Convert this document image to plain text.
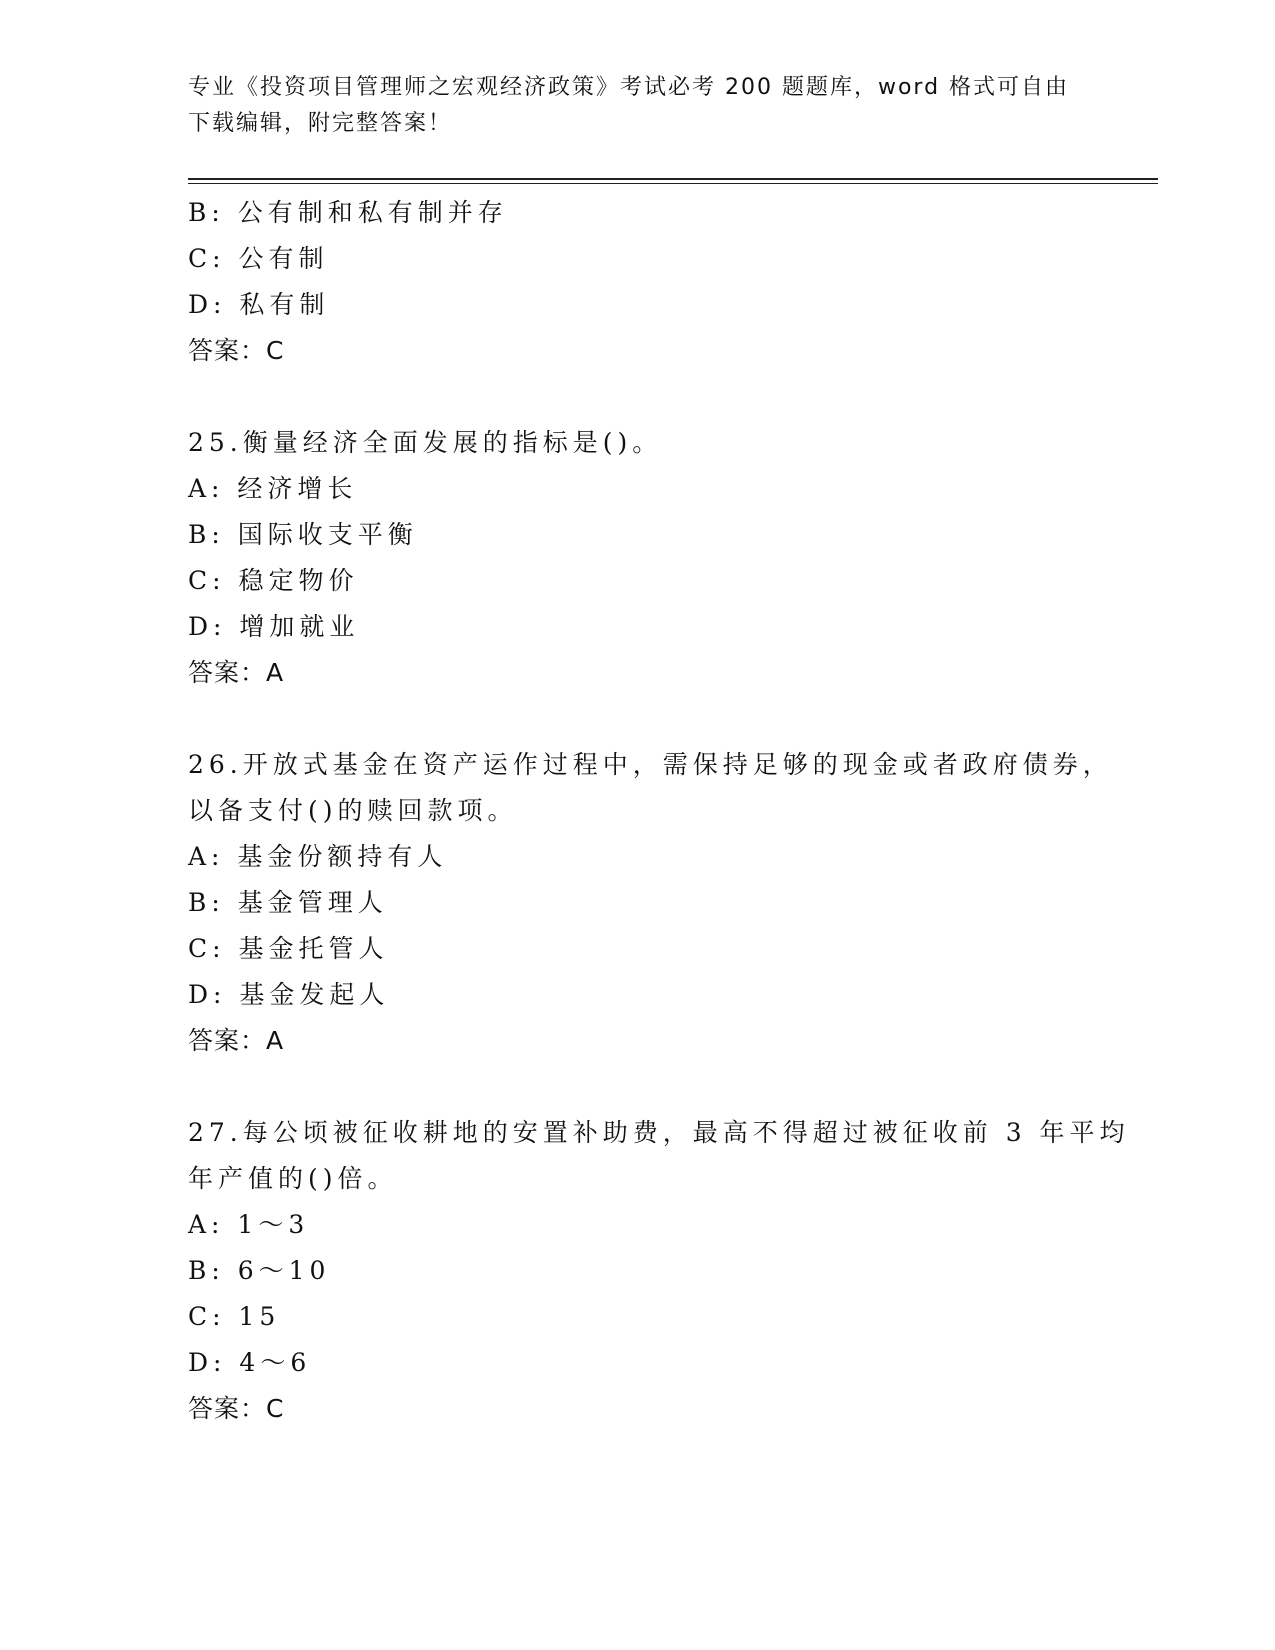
专业《投资项目管理师之宏观经济政策》考试必考 200 题题库，word 格式可自由
下载编辑，附完整答案！
B: 公有制和私有制并存
C: 公有制
D: 私有制
答案：C
25.衡量经济全面发展的指标是()。
A: 经济增长
B: 国际收支平衡
C: 稳定物价
D: 增加就业
答案：A
26.开放式基金在资产运作过程中，需保持足够的现金或者政府债券，
以备支付()的赎回款项。
A: 基金份额持有人
B: 基金管理人
C: 基金托管人
D: 基金发起人
答案：A
27.每公顷被征收耕地的安置补助费，最高不得超过被征收前 3 年平均
年产值的()倍。
A: 1～3
B: 6～10
C: 15
D: 4～6
答案：C
